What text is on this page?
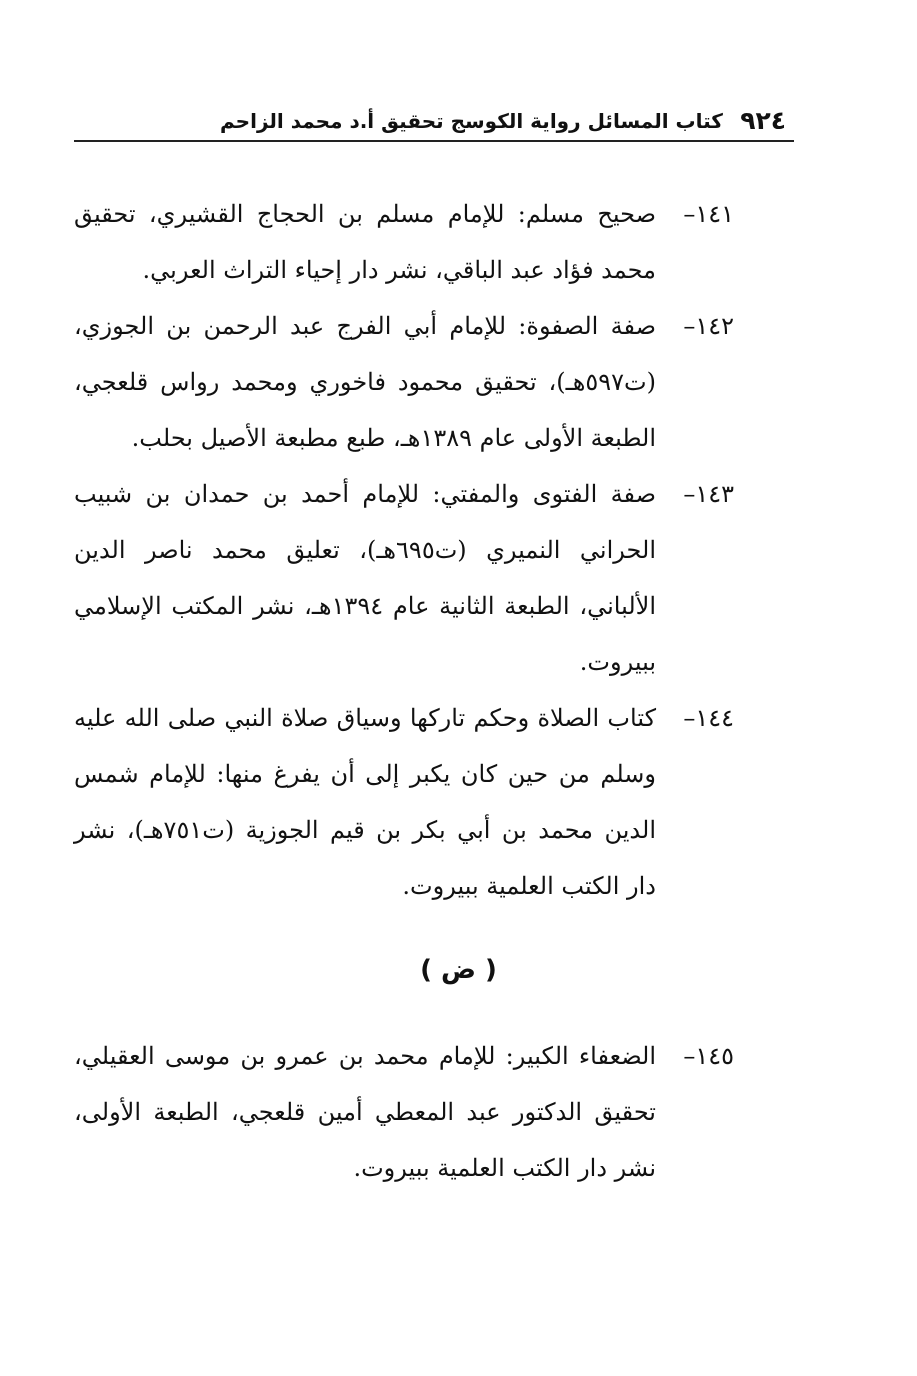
٩٢٤
كتاب المسائل رواية الكوسج تحقيق أ.د محمد الزاحم
١٤١–
صحيح مسلم: للإمام مسلم بن الحجاج القشيري، تحقيق محمد فؤاد عبد الباقي، نشر دار إحياء التراث العربي.
١٤٢–
صفة الصفوة: للإمام أبي الفرج عبد الرحمن بن الجوزي، (ت٥٩٧هـ)، تحقيق محمود فاخوري ومحمد رواس قلعجي، الطبعة الأولى عام ١٣٨٩هـ، طبع مطبعة الأصيل بحلب.
١٤٣–
صفة الفتوى والمفتي: للإمام أحمد بن حمدان بن شبيب الحراني النميري (ت٦٩٥هـ)، تعليق محمد ناصر الدين الألباني، الطبعة الثانية عام ١٣٩٤هـ، نشر المكتب الإسلامي ببيروت.
١٤٤–
كتاب الصلاة وحكم تاركها وسياق صلاة النبي صلى الله عليه وسلم من حين كان يكبر إلى أن يفرغ منها: للإمام شمس الدين محمد بن أبي بكر بن قيم الجوزية (ت٧٥١هـ)، نشر دار الكتب العلمية ببيروت.
( ض )
١٤٥–
الضعفاء الكبير: للإمام محمد بن عمرو بن موسى العقيلي، تحقيق الدكتور عبد المعطي أمين قلعجي، الطبعة الأولى، نشر دار الكتب العلمية ببيروت.
